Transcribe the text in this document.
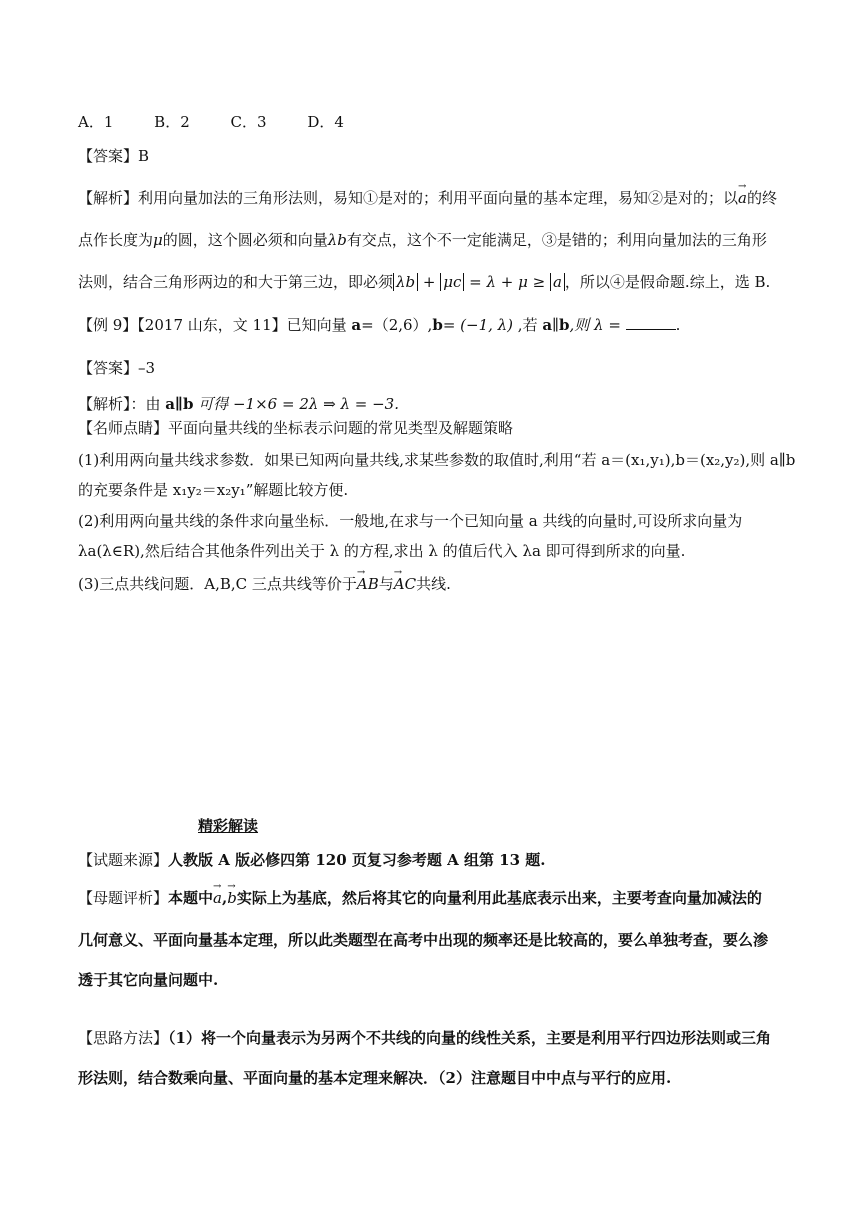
A．1	B．2	C．3	D．4
【答案】B
【解析】利用向量加法的三角形法则，易知①是对的；利用平面向量的基本定理，易知②是对的；以→ a的终
点作长度为μ的圆，这个圆必须和向量λb有交点，这个不一定能满足，③是错的；利用向量加法的三角形
法则，结合三角形两边的和大于第三边，即必须 λb + μc = λ + μ ≥ a ，所以④是假命题.综上，选 B.
【例 9】【2017 山东，文 11】已知向量 a=（2,6）,b= (−1, λ) ,若 a∥b,则 λ =	.
【答案】–3
【解析】：由 a∥b 可得 −1×6 = 2λ ⇒ λ = −3.
【名师点睛】平面向量共线的坐标表示问题的常见类型及解题策略
(1)利用两向量共线求参数．如果已知两向量共线,求某些参数的取值时,利用“若 a＝(x₁,y₁),b＝(x₂,y₂),则 a∥b
的充要条件是 x₁y₂＝x₂y₁”解题比较方便.
(2)利用两向量共线的条件求向量坐标．一般地,在求与一个已知向量 a 共线的向量时,可设所求向量为
λa(λ∈R),然后结合其他条件列出关于 λ 的方程,求出 λ 的值后代入 λa 即可得到所求的向量.
(3)三点共线问题．A,B,C 三点共线等价于→ AB与→ AC共线.
精彩解读
【试题来源】人教版 A 版必修四第 120 页复习参考题 A 组第 13 题.
【母题评析】本题中→ a,→ b实际上为基底，然后将其它的向量利用此基底表示出来，主要考查向量加减法的
几何意义、平面向量基本定理，所以此类题型在高考中出现的频率还是比较高的，要么单独考查，要么渗
透于其它向量问题中.
【思路方法】（1）将一个向量表示为另两个不共线的向量的线性关系，主要是利用平行四边形法则或三角
形法则，结合数乘向量、平面向量的基本定理来解决．（2）注意题目中中点与平行的应用.
